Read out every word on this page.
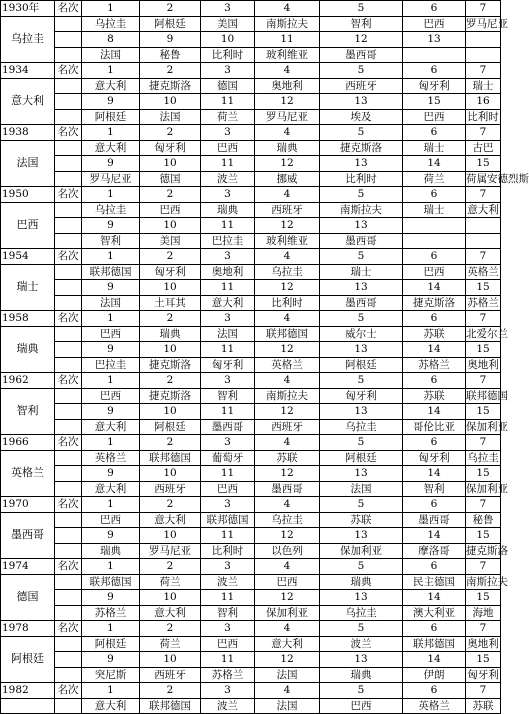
1930年	名次	1	2	3	4	5	6	7	
乌拉圭		乌拉圭	阿根廷	美国	南斯拉夫	智利	巴西	罗马尼亚	
		8	9	10	11	12	13		
		法国	秘鲁	比利时	玻利维亚	墨西哥			
1934	名次	1	2	3	4	5	6	7	
意大利		意大利	捷克斯洛	德国	奥地利	西班牙	匈牙利	瑞士	
		9	10	11	12	13	15	16	
		阿根廷	法国	荷兰	罗马尼亚	埃及	巴西	比利时	
1938	名次	1	2	3	4	5	6	7	
法国		意大利	匈牙利	巴西	瑞典	捷克斯洛	瑞士	古巴	
		9	10	11	12	13	14	15	
		罗马尼亚	德国	波兰	挪威	比利时	荷兰	荷属安德烈斯	
1950	名次	1	2	3	4	5	6	7	
巴西		乌拉圭	巴西	瑞典	西班牙	南斯拉夫	瑞士	意大利	
		9	10	11	12	13			
		智利	美国	巴拉圭	玻利维亚	墨西哥			
1954	名次	1	2	3	4	5	6	7	
瑞士		联邦德国	匈牙利	奥地利	乌拉圭	瑞士	巴西	英格兰	
		9	10	11	12	13	14	15	
		法国	土耳其	意大利	比利时	墨西哥	捷克斯洛	苏格兰	
1958	名次	1	2	3	4	5	6	7	
瑞典		巴西	瑞典	法国	联邦德国	威尔士	苏联	北爱尔兰	
		9	10	11	12	13	14	15	
		巴拉圭	捷克斯洛	匈牙利	英格兰	阿根廷	苏格兰	奥地利	
1962	名次	1	2	3	4	5	6	7	
智利		巴西	捷克斯洛	智利	南斯拉夫	匈牙利	苏联	联邦德国	
		9	10	11	12	13	14	15	
		意大利	阿根廷	墨西哥	西班牙	乌拉圭	哥伦比亚	保加利亚	
1966	名次	1	2	3	4	5	6	7	
英格兰		英格兰	联邦德国	葡萄牙	苏联	阿根廷	匈牙利	乌拉圭	
		9	10	11	12	13	14	15	
		意大利	西班牙	巴西	墨西哥	法国	智利	保加利亚	
1970	名次	1	2	3	4	5	6	7	
墨西哥		巴西	意大利	联邦德国	乌拉圭	苏联	墨西哥	秘鲁	
		9	10	11	12	13	14	15	
		瑞典	罗马尼亚	比利时	以色列	保加利亚	摩洛哥	捷克斯洛	
1974	名次	1	2	3	4	5	6	7	
德国		联邦德国	荷兰	波兰	巴西	瑞典	民主德国	南斯拉夫	
		9	10	11	12	13	14	15	
		苏格兰	意大利	智利	保加利亚	乌拉圭	澳大利亚	海地	
1978	名次	1	2	3	4	5	6	7	
阿根廷		阿根廷	荷兰	巴西	意大利	波兰	联邦德国	奥地利	
		9	10	11	12	13	14	15	
		突尼斯	西班牙	苏格兰	法国	瑞典	伊朗	匈牙利	
1982	名次	1	2	3	4	5	6	7	
		意大利	联邦德国	波兰	法国	巴西	英格兰	苏联	
